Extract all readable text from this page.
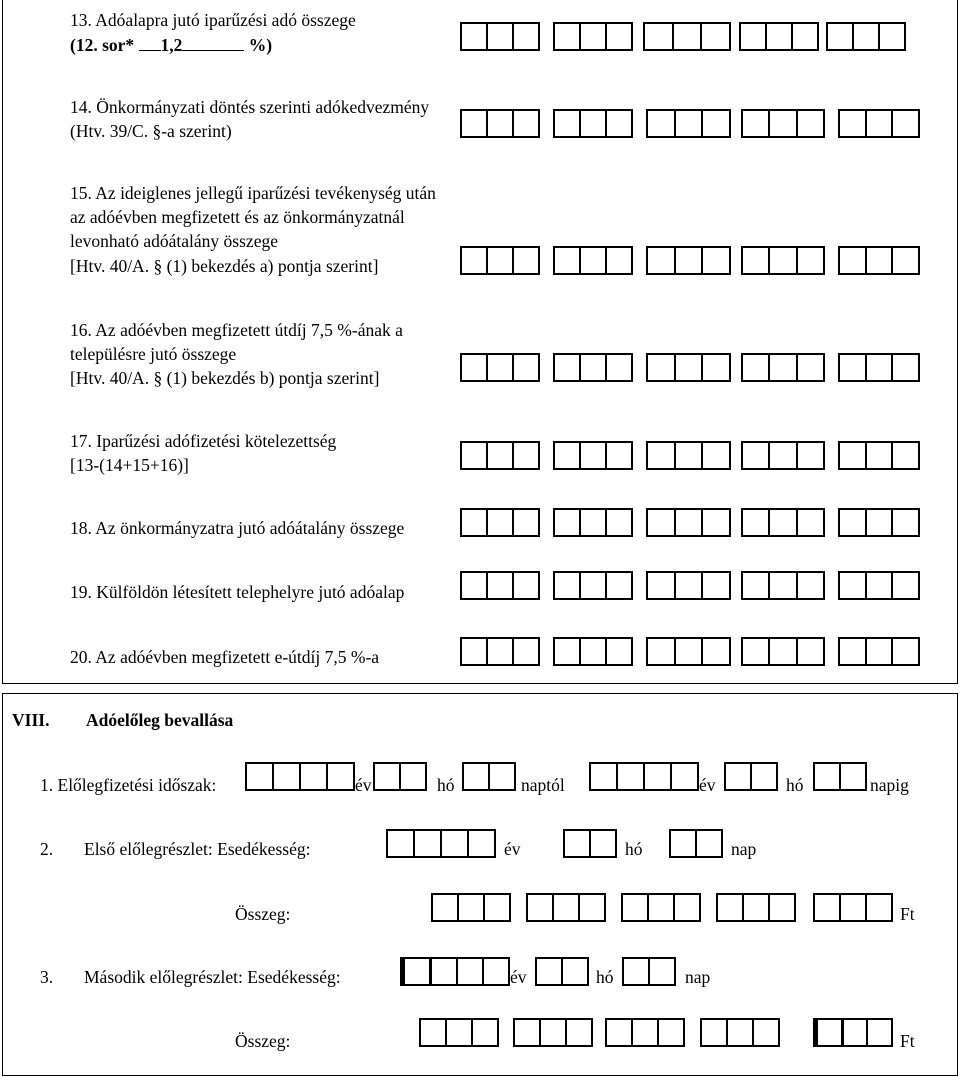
13. Adóalapra jutó iparűzési adó összege
(12. sor* 1,2	%)
14. Önkormányzati döntés szerinti adókedvezmény
(Htv. 39/C. §-a szerint)
15. Az ideiglenes jellegű iparűzési tevékenység után
az adóévben megfizetett és az önkormányzatnál
levonható adóátalány összege
[Htv. 40/A. § (1) bekezdés a) pontja szerint]
16. Az adóévben megfizetett útdíj 7,5 %-ának a
településre jutó összege
[Htv. 40/A. § (1) bekezdés b) pontja szerint]
17. Iparűzési adófizetési kötelezettség
[13-(14+15+16)]
18. Az önkormányzatra jutó adóátalány összege
19. Külföldön létesített telephelyre jutó adóalap
20. Az adóévben megfizetett e-útdíj 7,5 %-a
VIII. Adóelőleg bevallása
1. Előlegfizetési időszak:	év	hó	naptól	év	hó	napig
2. Első előlegrészlet: Esedékesség:	év	hó	nap
Összeg:	Ft
3. Második előlegrészlet: Esedékesség:	év	hó	nap
Összeg:	Ft
